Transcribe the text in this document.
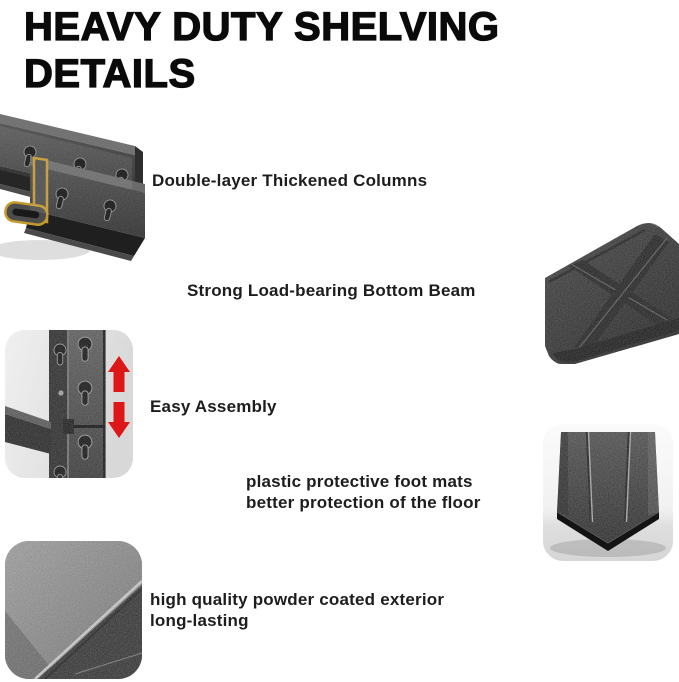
HEAVY DUTY SHELVING
DETAILS
Double-layer Thickened Columns
Strong Load-bearing Bottom Beam
Easy Assembly
plastic protective foot mats
better protection of the floor
high quality powder coated exterior
long-lasting
